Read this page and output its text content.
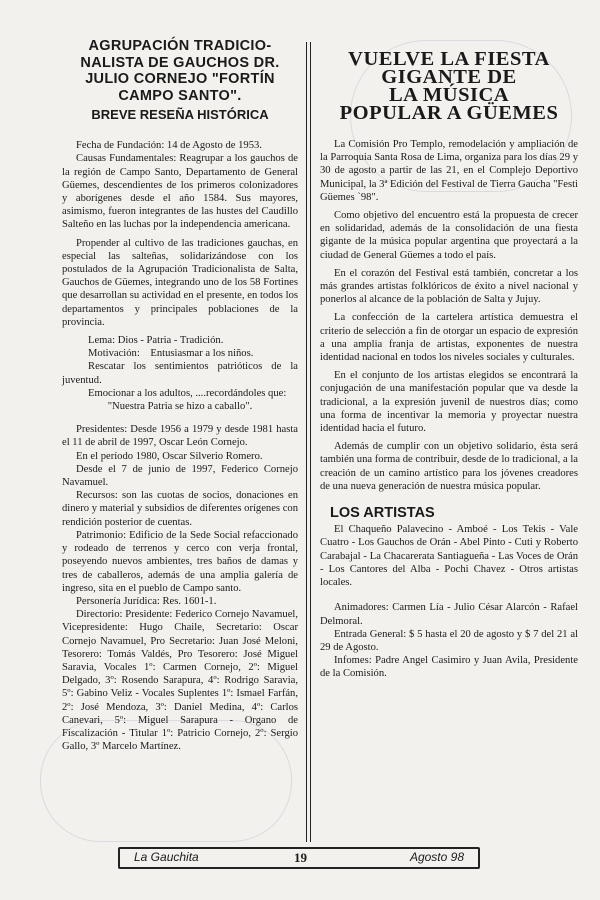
AGRUPACIÓN TRADICIO-NALISTA DE GAUCHOS DR. JULIO CORNEJO "FORTÍN CAMPO SANTO".
BREVE RESEÑA HISTÓRICA

Fecha de Fundación: 14 de Agosto de 1953.

Causas Fundamentales: Reagrupar a los gauchos de la región de Campo Santo, Departamento de General Güemes, descendientes de los primeros colonizadores y aborígenes desde el año 1584. Sus mayores, asimismo, fueron integrantes de las hustes del Caudillo Salteño en las luchas por la independencia americana.

Propender al cultivo de las tradiciones gauchas, en especial las salteñas, solidarizándose con los postulados de la Agrupación Tradicionalista de Salta, Gauchos de Güemes, integrando uno de los 58 Fortines que desarrollan su actividad en el presente, en todos los departamentos y principales poblaciones de la provincia.

Lema: Dios - Patria - Tradición.

Motivación:    Entusiasmar a los niños.

Rescatar los sentimientos patrióticos de la juventud.

Emocionar a los adultos, ....recordándoles que:

"Nuestra Patria se hizo a caballo".

Presidentes: Desde 1956 a 1979 y desde 1981 hasta el 11 de abril de 1997, Oscar León Cornejo.

En el período 1980, Oscar Silverio Romero.

Desde el 7 de junio de 1997, Federico Cornejo Navamuel.

Recursos: son las cuotas de socios, donaciones en dinero y material y subsidios de diferentes orígenes con rendición posterior de cuentas.

Patrimonio: Edificio de la Sede Social refaccionado y rodeado de terrenos y cerco con verja frontal, poseyendo nuevos ambientes, tres baños de damas y tres de caballeros, además de una amplia galería de ingreso, sita en el pueblo de Campo santo.

Personería Jurídica: Res. 1601-1.

Directorio: Presidente: Federico Cornejo Navamuel, Vicepresidente: Hugo Chaile, Secretario: Oscar Cornejo Navamuel, Pro Secretario: Juan José Meloni, Tesorero: Tomás Valdés, Pro Tesorero: José Miguel Saravia, Vocales 1º: Carmen Cornejo, 2º: Miguel Delgado, 3º: Rosendo Sarapura, 4º: Rodrigo Saravia, 5º: Gabino Veliz - Vocales Suplentes 1º: Ismael Farfán, 2º: José Mendoza, 3º: Daniel Medina, 4º: Carlos Canevari, 5º: Miguel Sarapura - Organo de Fiscalización - Titular 1º: Patricio Cornejo, 2º: Sergio Gallo, 3º Marcelo Martínez.

VUELVE LA FIESTA
GIGANTE DE
LA MÚSICA
POPULAR A GÜEMES

La Comisión Pro Templo, remodelación y ampliación de la Parroquia Santa Rosa de Lima, organiza para los días 29 y 30 de agosto a partir de las 21, en el Complejo Deportivo Municipal, la 3ª Edición del Festival de Tierra Gaucha "Festi Güemes `98".

Como objetivo del encuentro está la propuesta de crecer en solidaridad, además de la consolidación de una fiesta gigante de la música popular argentina que proyectará a la ciudad de General Güemes a todo el país.

En el corazón del Festival está también, concretar a los más grandes artistas folklóricos de éxito a nivel nacional y ponerlos al alcance de la población de Salta y Jujuy.

La confección de la cartelera artística demuestra el criterio de selección a fin de otorgar un espacio de expresión a una amplia franja de artistas, exponentes de nuestra identidad nacional en todos los niveles sociales y culturales.

En el conjunto de los artistas elegidos se encontrará la conjugación de una manifestación popular que va desde la tradicional, a la expresión juvenil de nuestros días; como una forma de incentivar la memoria y proyectar nuestra identidad hacia el futuro.

Además de cumplir con un objetivo solidario, ésta será también una forma de contribuir, desde de lo tradicional, a la creación de un camino artístico para los jóvenes creadores de una nueva generación de nuestra música popular.

LOS ARTISTAS

El Chaqueño Palavecino - Amboé - Los Tekis - Vale Cuatro - Los Gauchos de Orán - Abel Pinto - Cuti y Roberto Carabajal - La Chacarerata Santiagueña - Las Voces de Orán - Los Cantores del Alba - Pochi Chavez - Otros artistas locales.

Animadores: Carmen Lía - Julio César Alarcón - Rafael Delmoral.

Entrada General: $ 5 hasta el 20 de agosto y $ 7 del 21 al 29 de Agosto.

Infomes: Padre Angel Casimiro y Juan Avila, Presidente de la Comisión.

La Gauchita	19	Agosto 98
